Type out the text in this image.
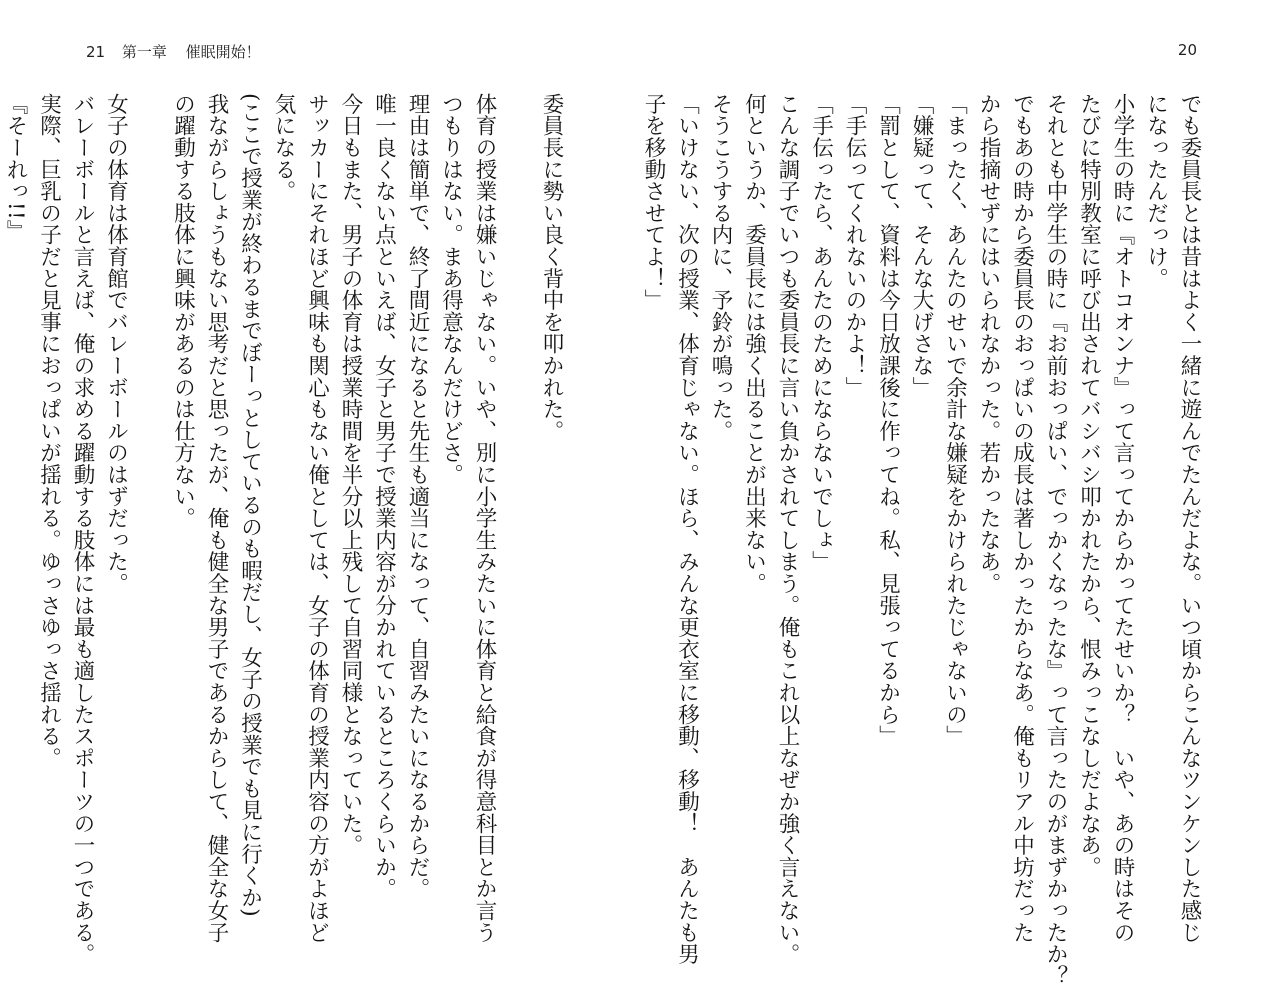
21 第一章 催眠開始！
委員長に勢い良く背中を叩かれた。

体育の授業は嫌いじゃない。いや、別に小学生みたいに体育と給食が得意科目とか言う
つもりはない。まあ得意なんだけどさ。
理由は簡単で、終了間近になると先生も適当になって、自習みたいになるからだ。
唯一良くない点といえば、女子と男子で授業内容が分かれているところくらいか。
今日もまた、男子の体育は授業時間を半分以上残して自習同様となっていた。
サッカーにそれほど興味も関心もない俺としては、女子の体育の授業内容の方がよほど
気になる。
(ここで授業が終わるまでぼーっとしているのも暇だし、女子の授業でも見に行くか)
我ながらしょうもない思考だと思ったが、俺も健全な男子であるからして、健全な女子
の躍動する肢体に興味があるのは仕方ない。

女子の体育は体育館でバレーボールのはずだった。
バレーボールと言えば、俺の求める躍動する肢体には最も適したスポーツの一つである。
実際、巨乳の子だと見事におっぱいが揺れる。ゆっさゆっさ揺れる。
『そーれっ!!』
20
でも委員長とは昔はよく一緒に遊んでたんだよな。いつ頃からこんなツンケンした感じ
になったんだっけ。
小学生の時に『オトコオンナ』って言ってからかってたせいか？　いや、あの時はその
たびに特別教室に呼び出されてバシバシ叩かれたから、恨みっこなしだよなあ。
それとも中学生の時に『お前おっぱい、でっかくなったな』って言ったのがまずかったか？
でもあの時から委員長のおっぱいの成長は著しかったからなあ。俺もリアル中坊だった
から指摘せずにはいられなかった。若かったなあ。
「まったく、あんたのせいで余計な嫌疑をかけられたじゃないの」
「嫌疑って、そんな大げさな」
「罰として、資料は今日放課後に作ってね。私、見張ってるから」
「手伝ってくれないのかよ！」
「手伝ったら、あんたのためにならないでしょ」
こんな調子でいつも委員長に言い負かされてしまう。俺もこれ以上なぜか強く言えない。
何というか、委員長には強く出ることが出来ない。
そうこうする内に、予鈴が鳴った。
「いけない、次の授業、体育じゃない。ほら、みんな更衣室に移動、移動！　あんたも男
子を移動させてよ！」
